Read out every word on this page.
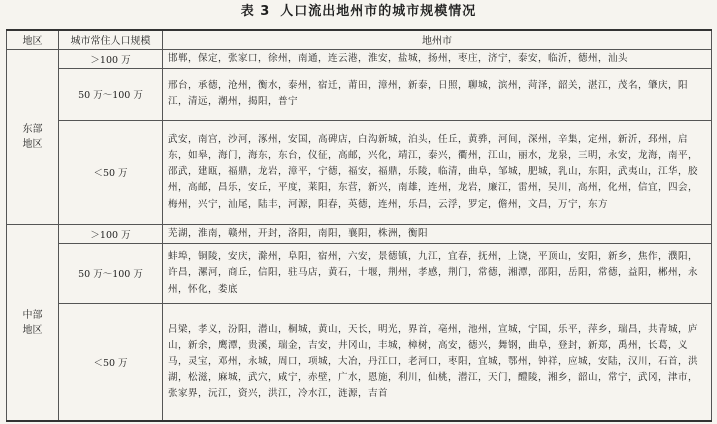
表 3 人口流出地州市的城市规模情况
地区	城市常住人口规模	地州市

东部地区	＞100 万	邯郸，保定，张家口，徐州，南通，连云港，淮安，盐城，扬州，枣庄，济宁，泰安，临沂，德州，汕头
	50 万～100 万	邢台，承德，沧州，衡水，泰州，宿迁，莆田，漳州，新泰，日照，聊城，滨州，菏泽，韶关，湛江，茂名，肇庆，阳江，清远，潮州，揭阳，普宁
	＜50 万	武安，南宫，沙河，涿州，安国，高碑店，白沟新城，泊头，任丘，黄骅，河间，深州，辛集，定州，新沂，邳州，启东，如皋，海门，海东，东台，仪征，高邮，兴化，靖江，泰兴，衢州，江山，丽水，龙泉，三明，永安，龙海，南平，邵武，建瓯，福鼎，龙岩，漳平，宁德，福安，福鼎，乐陵，临清，曲阜，邹城，肥城，乳山，东阳，武夷山，江华，胶州，高邮，昌乐，安丘，平度，莱阳，东营，新兴，南雄，连州，龙岩，廉江，雷州，吴川，高州，化州，信宜，四会，梅州，兴宁，汕尾，陆丰，河源，阳春，英德，连州，乐昌，云浮，罗定，儋州，文昌，万宁，东方

中部地区	＞100 万	芜湖，淮南，赣州，开封，洛阳，南阳，襄阳，株洲，衡阳
	50 万～100 万	蚌埠，铜陵，安庆，滁州，阜阳，宿州，六安，景德镇，九江，宜春，抚州，上饶，平顶山，安阳，新乡，焦作，濮阳，许昌，漯河，商丘，信阳，驻马店，黄石，十堰，荆州，孝感，荆门，常德，湘潭，邵阳，岳阳，常德，益阳，郴州，永州，怀化，娄底
	＜50 万	吕梁，孝义，汾阳，潜山，桐城，黄山，天长，明光，界首，亳州，池州，宣城，宁国，乐平，萍乡，瑞昌，共青城，庐山，新余，鹰潭，贵溪，瑞金，吉安，井冈山，丰城，樟树，高安，德兴，舞钢，曲阜，登封，新郑，禹州，长葛，义马，灵宝，邓州，永城，周口，项城，大冶，丹江口，老河口，枣阳，宜城，鄂州，钟祥，应城，安陆，汉川，石首，洪湖，松滋，麻城，武穴，咸宁，赤壁，广水，恩施，利川，仙桃，潜江，天门，醴陵，湘乡，韶山，常宁，武冈，津市，张家界，沅江，资兴，洪江，冷水江，涟源，吉首
